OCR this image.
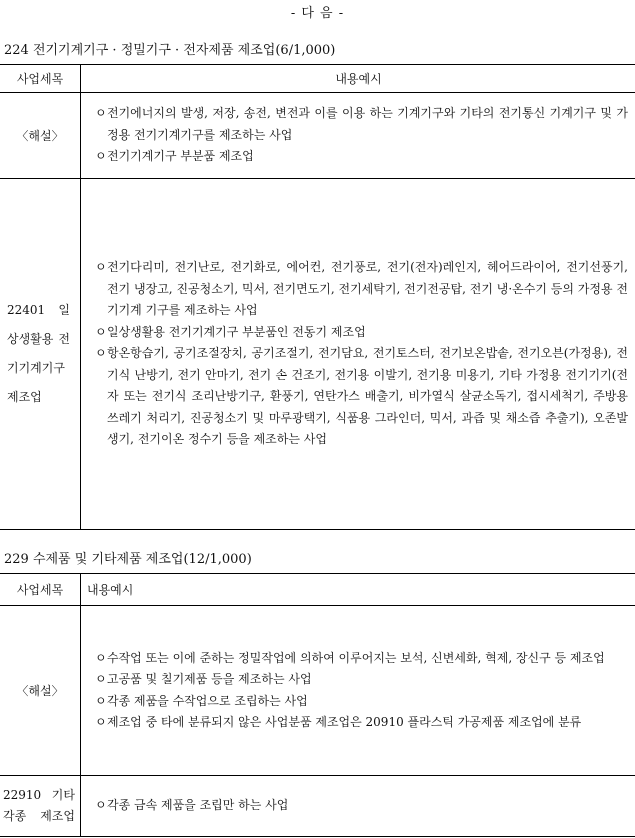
- 다 음 -
224 전기기계기구 · 정밀기구 · 전자제품 제조업(6/1,000)
사업세목	내용예시
〈해설〉	ㅇ전기에너지의 발생, 저장, 송전, 변전과 이를 이용 하는 기계기구와 기타의 전기통신 기계기구 및 가정용 전기기계기구를 제조하는 사업

ㅇ전기기계기구 부분품 제조업

22401 일상생활용 전기기계기구 제조업	ㅇ전기다리미, 전기난로, 전기화로, 에어컨, 전기풍로, 전기(전자)레인지, 헤어드라이어, 전기선풍기, 전기 냉장고, 진공청소기, 믹서, 전기면도기, 전기세탁기, 전기전공탑, 전기 냉·온수기 등의 가정용 전기기계 기구를 제조하는 사업

ㅇ일상생활용 전기기계기구 부분품인 전동기 제조업

ㅇ항온항습기, 공기조절장치, 공기조절기, 전기담요, 전기토스터, 전기보온밥솥, 전기오븐(가정용), 전기식 난방기, 전기 안마기, 전기 손 건조기, 전기용 이발기, 전기용 미용기, 기타 가정용 전기기기(전자 또는 전기식 조리난방기구, 환풍기, 연탄가스 배출기, 비가열식 살균소독기, 접시세척기, 주방용 쓰레기 처리기, 진공청소기 및 마루광택기, 식품용 그라인더, 믹서, 과즙 및 채소즙 추출기), 오존발생기, 전기이온 정수기 등을 제조하는 사업

229 수제품 및 기타제품 제조업(12/1,000)
사업세목	내용예시
〈해설〉	ㅇ수작업 또는 이에 준하는 정밀작업에 의하여 이루어지는 보석, 신변세화, 혁제, 장신구 등 제조업

ㅇ고공품 및 칠기제품 등을 제조하는 사업

ㅇ각종 제품을 수작업으로 조립하는 사업

ㅇ제조업 중 타에 분류되지 않은 사업분품 제조업은 20910 플라스틱 가공제품 제조업에 분류

22910 기타 각종 제조업	ㅇ각종 금속 제품을 조립만 하는 사업
